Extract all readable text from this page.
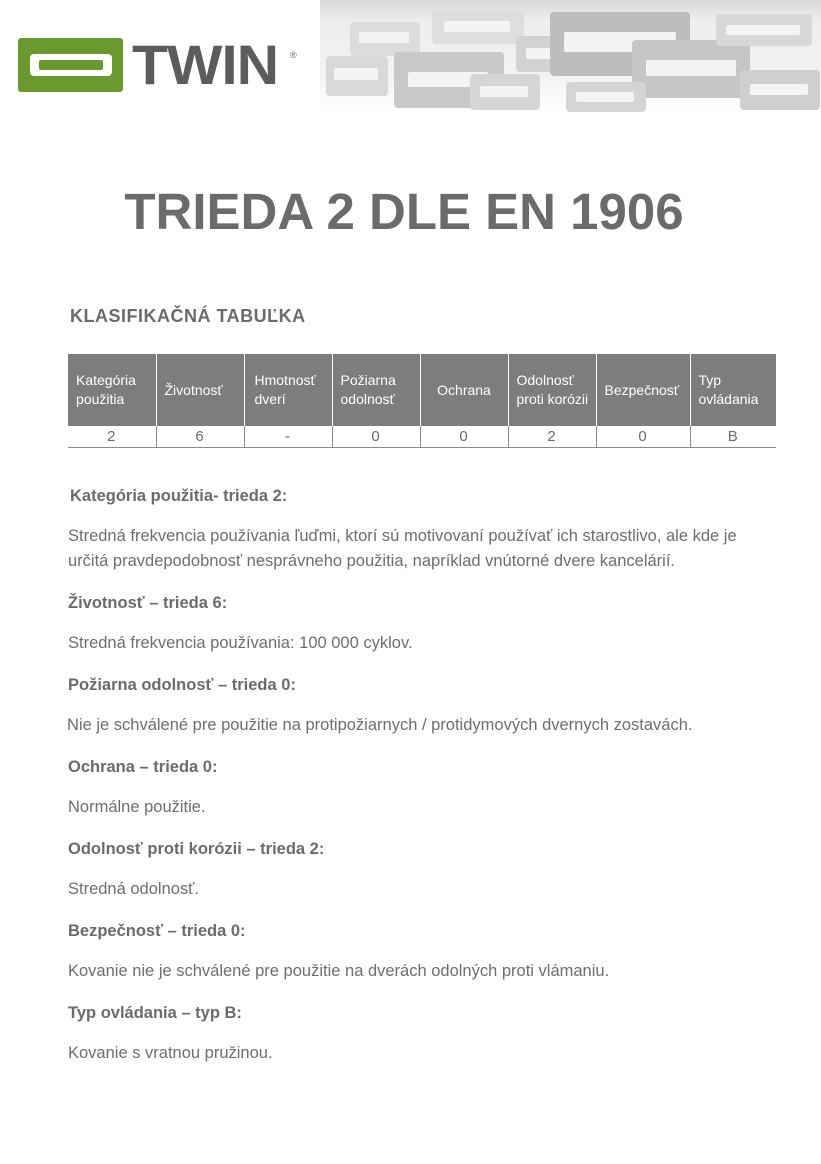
TWIN ®
TRIEDA 2 DLE EN 1906
KLASIFIKAČNÁ TABUĽKA
Kategória použitia	Životnosť	Hmotnosť dverí	Požiarna odolnosť	Ochrana	Odolnosť proti korózii	Bezpečnosť	Typ ovládania
2	6	-	0	0	2	0	B
Kategória použitia- trieda 2:
Stredná frekvencia používania ľuďmi, ktorí sú motivovaní používať ich starostlivo, ale kde je určitá pravdepodobnosť nesprávneho použitia, napríklad vnútorné dvere kancelárií.
Životnosť – trieda 6:
Stredná frekvencia používania: 100 000 cyklov.
Požiarna odolnosť – trieda 0:
Nie je schválené pre použitie na protipožiarnych / protidymových dvernych zostavách.
Ochrana – trieda 0:
Normálne použitie.
Odolnosť proti korózii – trieda 2:
Stredná odolnosť.
Bezpečnosť – trieda 0:
Kovanie nie je schválené pre použitie na dverách odolných proti vlámaniu.
Typ ovládania – typ B:
Kovanie s vratnou pružinou.
